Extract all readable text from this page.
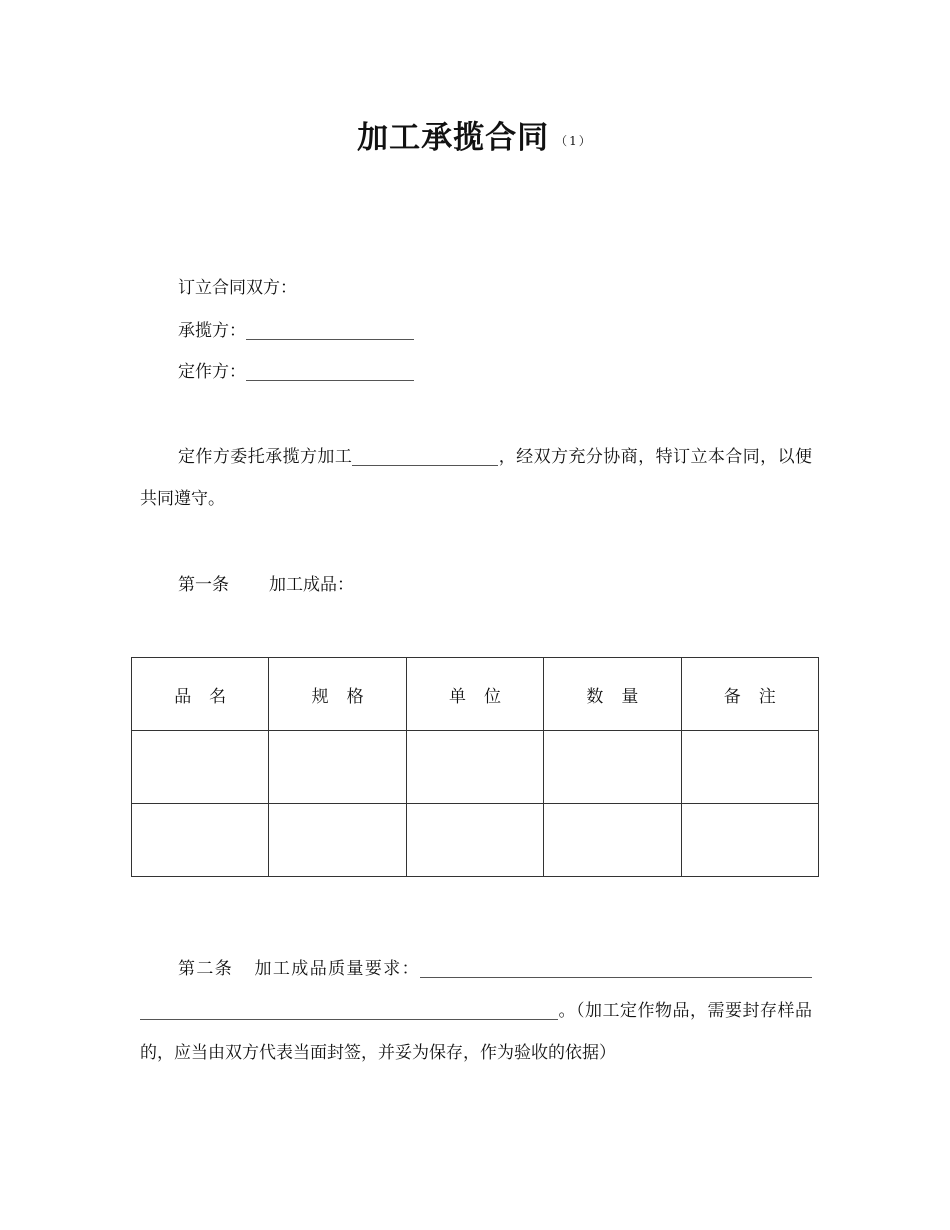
加工承揽合同 （1）
订立合同双方：
承揽方：
定作方：
定作方委托承揽方加工	，经双方充分协商，特订立本合同，以便共同遵守。
第一条 加工成品：
品名	规格	单位	数量	备注

第二条 加工成品质量要求：。（加工定作物品，需要封存样品的，应当由双方代表当面封签，并妥为保存，作为验收的依据）
